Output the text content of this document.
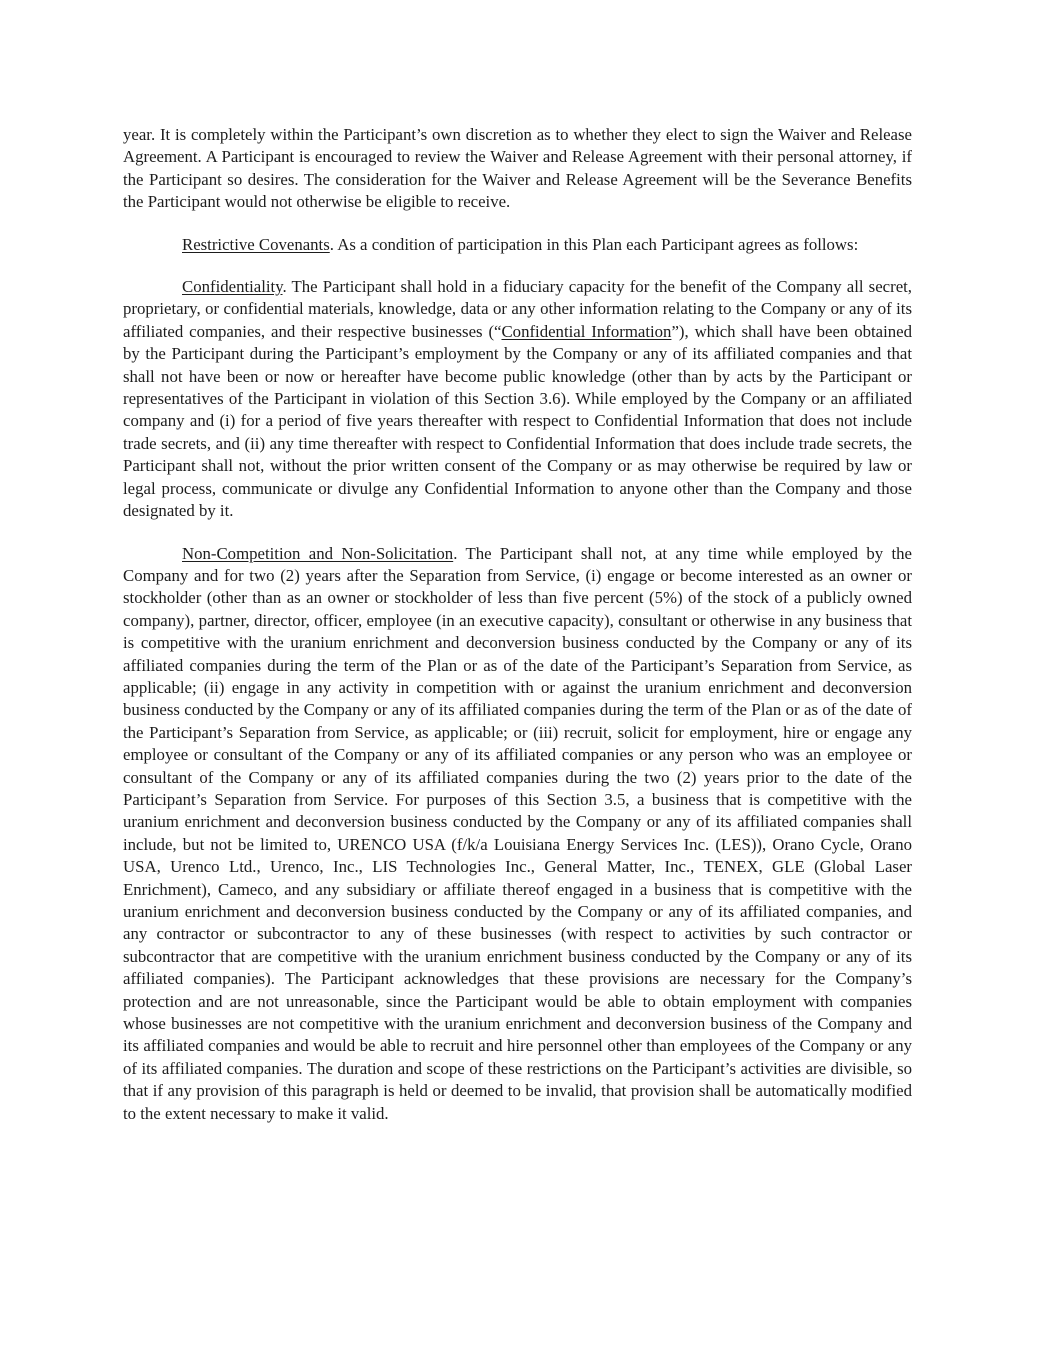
year. It is completely within the Participant’s own discretion as to whether they elect to sign the Waiver and Release Agreement. A Participant is encouraged to review the Waiver and Release Agreement with their personal attorney, if the Participant so desires. The consideration for the Waiver and Release Agreement will be the Severance Benefits the Participant would not otherwise be eligible to receive.

Restrictive Covenants. As a condition of participation in this Plan each Participant agrees as follows:

Confidentiality. The Participant shall hold in a fiduciary capacity for the benefit of the Company all secret, proprietary, or confidential materials, knowledge, data or any other information relating to the Company or any of its affiliated companies, and their respective businesses (“Confidential Information”), which shall have been obtained by the Participant during the Participant’s employment by the Company or any of its affiliated companies and that shall not have been or now or hereafter have become public knowledge (other than by acts by the Participant or representatives of the Participant in violation of this Section 3.6). While employed by the Company or an affiliated company and (i) for a period of five years thereafter with respect to Confidential Information that does not include trade secrets, and (ii) any time thereafter with respect to Confidential Information that does include trade secrets, the Participant shall not, without the prior written consent of the Company or as may otherwise be required by law or legal process, communicate or divulge any Confidential Information to anyone other than the Company and those designated by it.

Non-Competition and Non-Solicitation. The Participant shall not, at any time while employed by the Company and for two (2) years after the Separation from Service, (i) engage or become interested as an owner or stockholder (other than as an owner or stockholder of less than five percent (5%) of the stock of a publicly owned company), partner, director, officer, employee (in an executive capacity), consultant or otherwise in any business that is competitive with the uranium enrichment and deconversion business conducted by the Company or any of its affiliated companies during the term of the Plan or as of the date of the Participant’s Separation from Service, as applicable; (ii) engage in any activity in competition with or against the uranium enrichment and deconversion business conducted by the Company or any of its affiliated companies during the term of the Plan or as of the date of the Participant’s Separation from Service, as applicable; or (iii) recruit, solicit for employment, hire or engage any employee or consultant of the Company or any of its affiliated companies or any person who was an employee or consultant of the Company or any of its affiliated companies during the two (2) years prior to the date of the Participant’s Separation from Service. For purposes of this Section 3.5, a business that is competitive with the uranium enrichment and deconversion business conducted by the Company or any of its affiliated companies shall include, but not be limited to, URENCO USA (f/k/a Louisiana Energy Services Inc. (LES)), Orano Cycle, Orano USA, Urenco Ltd., Urenco, Inc., LIS Technologies Inc., General Matter, Inc., TENEX, GLE (Global Laser Enrichment), Cameco, and any subsidiary or affiliate thereof engaged in a business that is competitive with the uranium enrichment and deconversion business conducted by the Company or any of its affiliated companies, and any contractor or subcontractor to any of these businesses (with respect to activities by such contractor or subcontractor that are competitive with the uranium enrichment business conducted by the Company or any of its affiliated companies). The Participant acknowledges that these provisions are necessary for the Company’s protection and are not unreasonable, since the Participant would be able to obtain employment with companies whose businesses are not competitive with the uranium enrichment and deconversion business of the Company and its affiliated companies and would be able to recruit and hire personnel other than employees of the Company or any of its affiliated companies. The duration and scope of these restrictions on the Participant’s activities are divisible, so that if any provision of this paragraph is held or deemed to be invalid, that provision shall be automatically modified to the extent necessary to make it valid.
